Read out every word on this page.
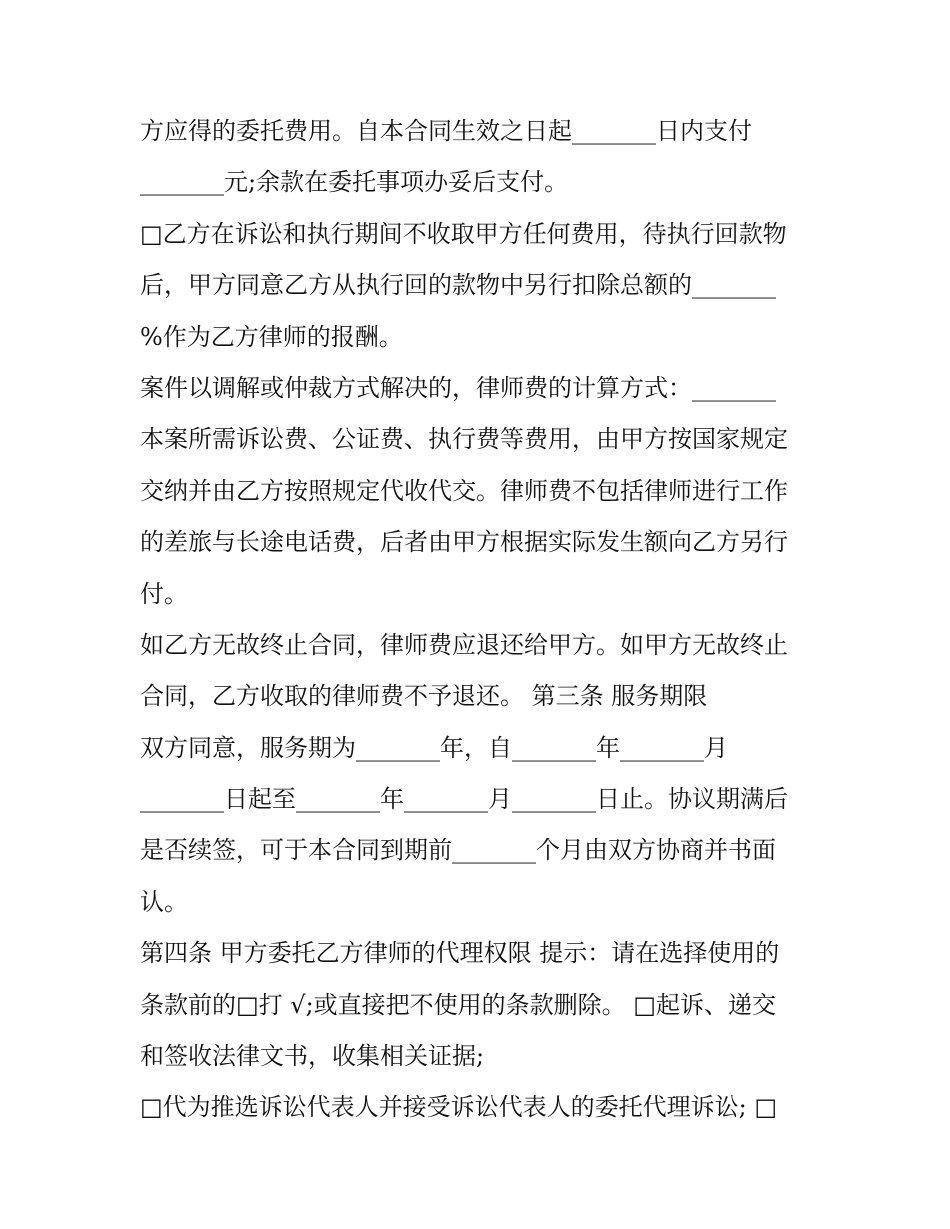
方应得的委托费用。自本合同生效之日起_______日内支付
_______元;余款在委托事项办妥后支付。
□乙方在诉讼和执行期间不收取甲方任何费用，待执行回款物
后，甲方同意乙方从执行回的款物中另行扣除总额的_______
%作为乙方律师的报酬。
案件以调解或仲裁方式解决的，律师费的计算方式：_______
本案所需诉讼费、公证费、执行费等费用，由甲方按国家规定
交纳并由乙方按照规定代收代交。律师费不包括律师进行工作
的差旅与长途电话费，后者由甲方根据实际发生额向乙方另行
付。
如乙方无故终止合同，律师费应退还给甲方。如甲方无故终止
合同，乙方收取的律师费不予退还。 第三条 服务期限
双方同意，服务期为_______年，自_______年_______月
_______日起至_______年_______月_______日止。协议期满后
是否续签，可于本合同到期前_______个月由双方协商并书面
认。
第四条 甲方委托乙方律师的代理权限 提示：请在选择使用的
条款前的□打 √;或直接把不使用的条款删除。 □起诉、递交
和签收法律文书，收集相关证据;
□代为推选诉讼代表人并接受诉讼代表人的委托代理诉讼; □
